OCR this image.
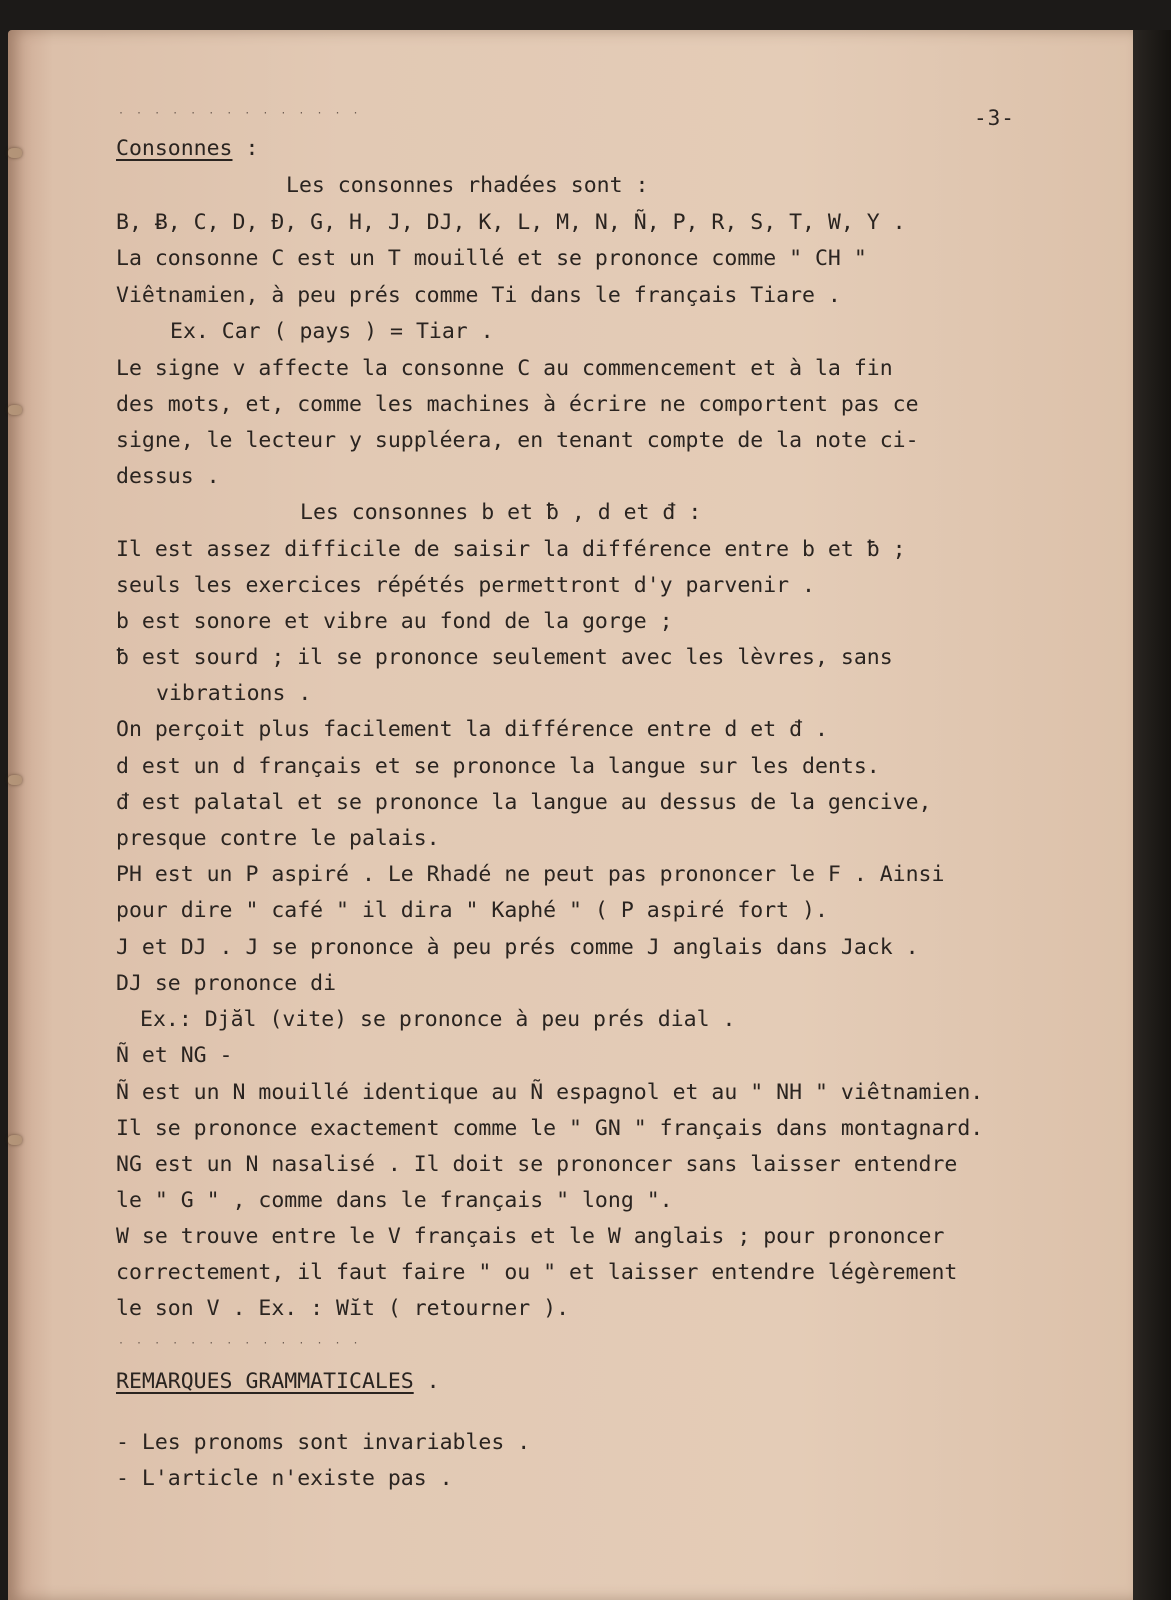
· · · · · · · · · · · · · ·
· · · · · · · · · · · · · ·
-3-
Consonnes :
Les consonnes rhadées sont :
B, Ƀ, C, D, Đ, G, H, J, DJ, K, L, M, N, Ñ, P, R, S, T, W, Y .
La consonne C est un T mouillé et se prononce comme " CH "
Viêtnamien, à peu prés comme Ti dans le français Tiare .
Ex. Car ( pays ) = Tiar .
Le signe v affecte la consonne C au commencement et à la fin
des mots, et, comme les machines à écrire ne comportent pas ce
signe, le lecteur y suppléera, en tenant compte de la note ci-
dessus .
Les consonnes b et ƀ , d et đ :
Il est assez difficile de saisir la différence entre b et ƀ ;
seuls les exercices répétés permettront d'y parvenir .
b est sonore et vibre au fond de la gorge ;
ƀ est sourd ; il se prononce seulement avec les lèvres, sans
vibrations .
On perçoit plus facilement la différence entre d et đ .
d est un d français et se prononce la langue sur les dents.
đ est palatal et se prononce la langue au dessus de la gencive,
presque contre le palais.
PH est un P aspiré . Le Rhadé ne peut pas prononcer le F . Ainsi
pour dire " café " il dira " Kaphé " ( P aspiré fort ).
J et DJ . J se prononce à peu prés comme J anglais dans Jack .
DJ se prononce di
Ex.: Djăl (vite) se prononce à peu prés dial .
Ñ et NG -
Ñ est un N mouillé identique au Ñ espagnol et au " NH " viêtnamien.
Il se prononce exactement comme le " GN " français dans montagnard.
NG est un N nasalisé . Il doit se prononcer sans laisser entendre
le " G " , comme dans le français " long ".
W se trouve entre le V français et le W anglais ; pour prononcer
correctement, il faut faire " ou " et laisser entendre légèrement
le son V . Ex. : Wĭt ( retourner ).
REMARQUES GRAMMATICALES .
- Les pronoms sont invariables .
- L'article n'existe pas .
